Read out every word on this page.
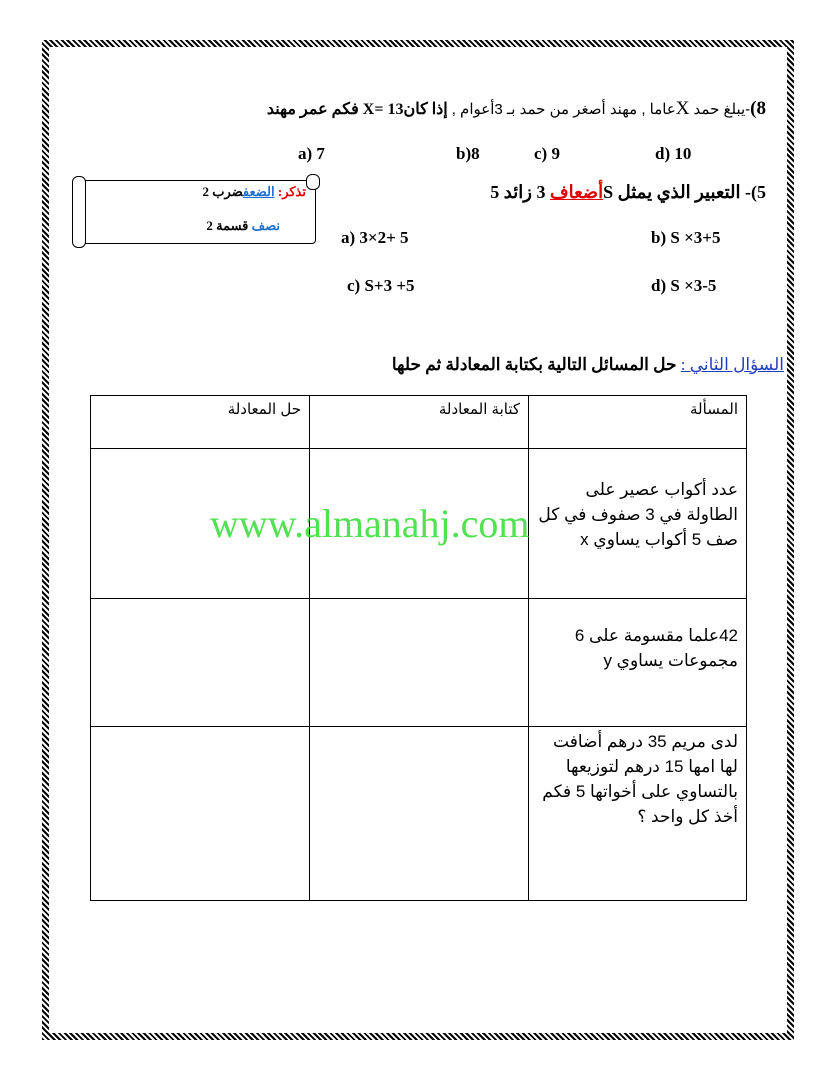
8)-يبلغ حمد Xعاما , مهند أصغر من حمد بـ 3أعوام , إذا كان13 =X فكم عمر مهند
d) 10
c) 9
b)8
a) 7
5)- التعبير الذي يمثل Sأضعاف 3 زائد 5
b) S ×3+5
a) 3×2+ 5
d) S ×3-5
c) S+3 +5
تذكر: الضعفضرب 2
نصف قسمة 2
السؤال الثاني : حل المسائل التالية بكتابة المعادلة ثم حلها
المسألة	كتابة المعادلة	حل المعادلة
عدد أكواب عصير على الطاولة في 3 صفوف في كل صف 5 أكواب يساوي x		
42علما مقسومة على 6 مجموعات يساوي y		
لدى مريم 35 درهم أضافت لها امها 15 درهم لتوزيعها بالتساوي على أخواتها 5 فكم أخذ كل واحد ؟		
www.almanahj.com
